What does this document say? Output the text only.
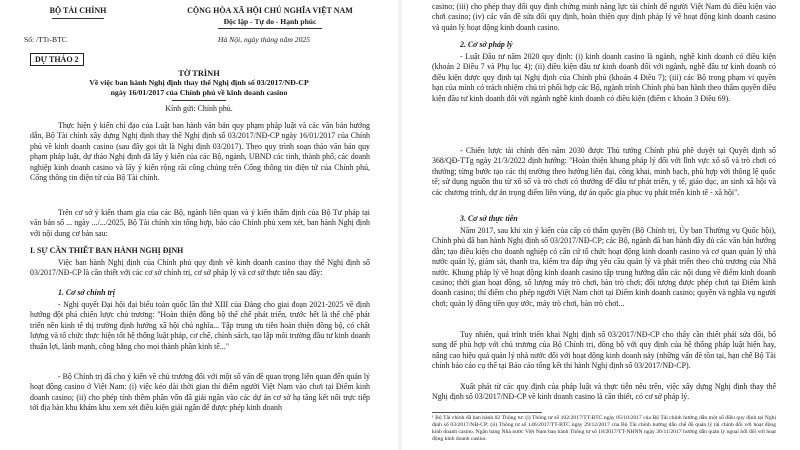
BỘ TÀI CHÍNH	CỘNG HÒA XÃ HỘI CHỦ NGHĨA VIỆT NAM
Độc lập - Tự do - Hạnh phúc
Số: /TTr-BTC	Hà Nội, ngày tháng năm 2025
DỰ THẢO 2
TỜ TRÌNH
Về việc ban hành Nghị định thay thế Nghị định số 03/2017/NĐ-CP
ngày 16/01/2017 của Chính phủ về kinh doanh casino
Kính gửi: Chính phủ.

Thực hiện ý kiến chỉ đạo của Luật ban hành văn bản quy phạm pháp luật và các văn bản hướng dẫn, Bộ Tài chính xây dựng Nghị định thay thế Nghị định số 03/2017/NĐ-CP ngày 16/01/2017 của Chính phủ về kinh doanh casino (sau đây gọi tắt là Nghị định 03/2017). Theo quy trình soạn thảo văn bản quy phạm pháp luật, dự thảo Nghị định đã lấy ý kiến của các Bộ, ngành, UBND các tỉnh, thành phố, các doanh nghiệp kinh doanh casino và lấy ý kiến rộng rãi công chúng trên Cổng thông tin điện tử của Chính phủ, Cổng thông tin điện tử của Bộ Tài chính.

Trên cơ sở ý kiến tham gia của các Bộ, ngành liên quan và ý kiến thẩm định của Bộ Tư pháp tại văn bản số ... ngày .../.../2025, Bộ Tài chính xin tổng hợp, báo cáo Chính phủ xem xét, ban hành Nghị định với nội dung cơ bản sau:

I. SỰ CẦN THIẾT BAN HÀNH NGHỊ ĐỊNH

Việc ban hành Nghị định của Chính phủ quy định về kinh doanh casino thay thế Nghị định số 03/2017/NĐ-CP là cần thiết với các cơ sở chính trị, cơ sở pháp lý và cơ sở thực tiễn sau đây:

1. Cơ sở chính trị

- Nghị quyết Đại hội đại biểu toàn quốc lần thứ XIII của Đảng cho giai đoạn 2021-2025 về định hướng đột phá chiến lược chủ trương: "Hoàn thiện đồng bộ thể chế phát triển, trước hết là thể chế phát triển nền kinh tế thị trường định hướng xã hội chủ nghĩa... Tập trung ưu tiên hoàn thiện đồng bộ, có chất lượng và tổ chức thực hiện tốt hệ thống luật pháp, cơ chế, chính sách, tạo lập môi trường đầu tư kinh doanh thuận lợi, lành mạnh, công bằng cho mọi thành phần kinh tế..."

- Bộ Chính trị đã cho ý kiến về chủ trương đối với một số vấn đề quan trọng liên quan đến quản lý hoạt động casino ở Việt Nam: (i) việc kéo dài thời gian thí điểm người Việt Nam vào chơi tại Điểm kinh doanh casino; (ii) cho phép tính thêm phần vốn đã giải ngân vào các dự án cơ sở hạ tầng kết nối trực tiếp tới địa bàn khu khám khu xem xét điều kiện giải ngân để được phép kinh doanh

casino; (iii) cho phép thay đổi quy định chứng minh năng lực tài chính để người Việt Nam đủ điều kiện vào chơi casino; (iv) các vấn đề sửa đổi quy định, hoàn thiện quy định pháp lý về hoạt động kinh doanh casino và quản lý hoạt động kinh doanh casino.

2. Cơ sở pháp lý

- Luật Đầu tư năm 2020 quy định: (i) kinh doanh casino là ngành, nghề kinh doanh có điều kiện (khoản 2 Điều 7 và Phụ lục 4); (ii) điều kiện đầu tư kinh doanh đối với ngành, nghề đầu tư kinh doanh có điều kiện được quy định tại Nghị định của Chính phủ (khoản 4 Điều 7); (iii) các Bộ trong phạm vi quyền hạn của mình có trách nhiệm chủ trì phối hợp các Bộ, ngành trình Chính phủ ban hành theo thẩm quyền điều kiện đầu tư kinh doanh đối với ngành nghề kinh doanh có điều kiện (điểm c khoản 3 Điều 69).

- Chiến lược tài chính đến năm 2030 được Thủ tướng Chính phủ phê duyệt tại Quyết định số 368/QĐ-TTg ngày 21/3/2022 định hướng: "Hoàn thiện khung pháp lý đối với lĩnh vực xổ số và trò chơi có thưởng; từng bước tạo các thị trường theo hướng liên đại, công khai, minh bạch, phù hợp với thông lệ quốc tế; sử dụng nguồn thu từ xổ số và trò chơi có thưởng để đầu tư phát triển, y tế, giáo dục, an sinh xã hội và các chương trình, dự án trọng điểm liên vùng, dự án quốc gia phục vụ phát triển kinh tế - xã hội".

3. Cơ sở thực tiễn

Năm 2017, sau khi xin ý kiến của cấp có thẩm quyền (Bộ Chính trị, Ủy ban Thường vụ Quốc hội), Chính phủ đã ban hành Nghị định số 03/2017/NĐ-CP; các Bộ, ngành đã ban hành đầy đủ các văn bản hướng dẫn; tạo điều kiện cho doanh nghiệp có căn cứ tổ chức hoạt động kinh doanh casino và cơ quan quản lý nhà nước quản lý, giám sát, thanh tra, kiểm tra đáp ứng yêu cầu quản lý và phát triển theo chủ trương của Nhà nước. Khung pháp lý về hoạt động kinh doanh casino tập trung hướng dẫn các nội dung về điểm kinh doanh casino; thời gian hoạt động, số lượng máy trò chơi, bàn trò chơi; đối tượng được phép chơi tại Điểm kinh doanh casino; thí điểm cho phép người Việt Nam chơi tại Điểm kinh doanh casino; quyền và nghĩa vụ người chơi; quản lý đồng tiền quy ước, máy trò chơi, bàn trò chơi...

Tuy nhiên, quá trình triển khai Nghị định số 03/2017/NĐ-CP cho thấy cần thiết phải sửa đổi, bổ sung để phù hợp với chủ trương của Bộ Chính trị, đồng bộ với quy định của hệ thống pháp luật hiện hay, nâng cao hiệu quả quản lý nhà nước đối với hoạt động kinh doanh này (những vấn đề tồn tại, hạn chế Bộ Tài chính báo cáo cụ thể tại Báo cáo tổng kết thi hành Nghị định số 03/2017/NĐ-CP).

Xuất phát từ các quy định của pháp luật và thực tiễn nêu trên, việc xây dựng Nghị định thay thế Nghị định số 03/2017/NĐ-CP về kinh doanh casino là cần thiết, có cơ sở pháp lý.

¹ Bộ Tài chính đã ban hành 02 Thông tư: (i) Thông tư số 102/2017/TT-BTC ngày 05/10/2017 của Bộ Tài chính hướng dẫn một số điều quy định tại Nghị định số 03/2017/NĐ-CP; (ii) Thông tư số 146/2017/TT-BTC ngày 29/12/2017 của Bộ Tài chính hướng dẫn chế độ quản lý tài chính đối với hoạt động kinh doanh casino. Ngân hàng Nhà nước Việt Nam ban hành Thông tư số 18/2017/TT-NHNN ngày 30/11/2017 hướng dẫn quản lý ngoại hối đối với hoạt động kinh doanh casino.
